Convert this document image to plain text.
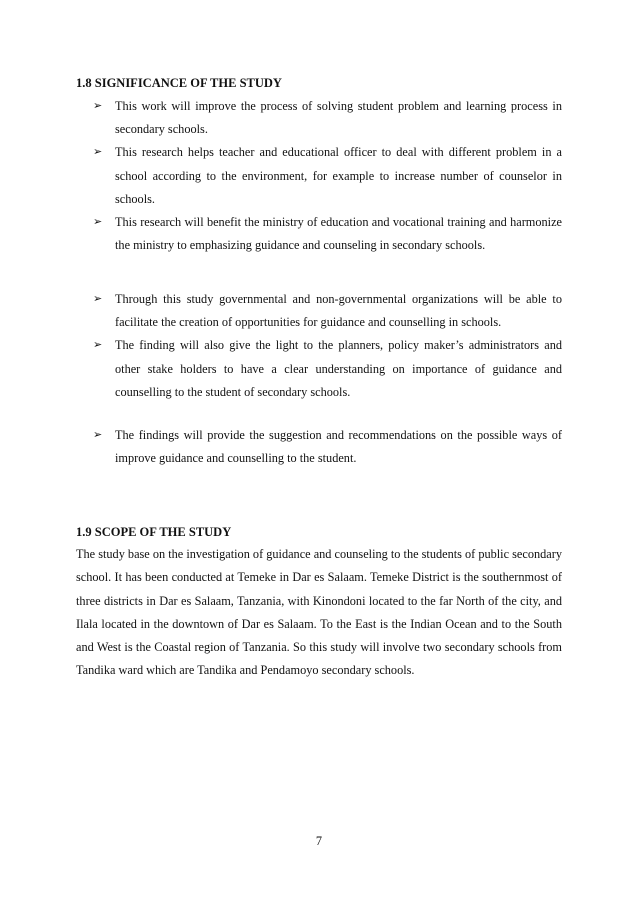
1.8 SIGNIFICANCE OF THE STUDY
➢ This work will improve the process of solving student problem and learning process in secondary schools.
➢ This research helps teacher and educational officer to deal with different problem in a school according to the environment, for example to increase number of counselor in schools.
➢ This research will benefit the ministry of education and vocational training and harmonize the ministry to emphasizing guidance and counseling in secondary schools.
➢ Through this study governmental and non-governmental organizations will be able to facilitate the creation of opportunities for guidance and counselling in schools.
➢ The finding will also give the light to the planners, policy maker’s administrators and other stake holders to have a clear understanding on importance of guidance and counselling to the student of secondary schools.
➢ The findings will provide the suggestion and recommendations on the possible ways of improve guidance and counselling to the student.
1.9 SCOPE OF THE STUDY

The study base on the investigation of guidance and counseling to the students of public secondary school. It has been conducted at Temeke in Dar es Salaam. Temeke District is the southernmost of three districts in Dar es Salaam, Tanzania, with Kinondoni located to the far North of the city, and Ilala located in the downtown of Dar es Salaam. To the East is the Indian Ocean and to the South and West is the Coastal region of Tanzania. So this study will involve two secondary schools from Tandika ward which are Tandika and Pendamoyo secondary schools.

7
